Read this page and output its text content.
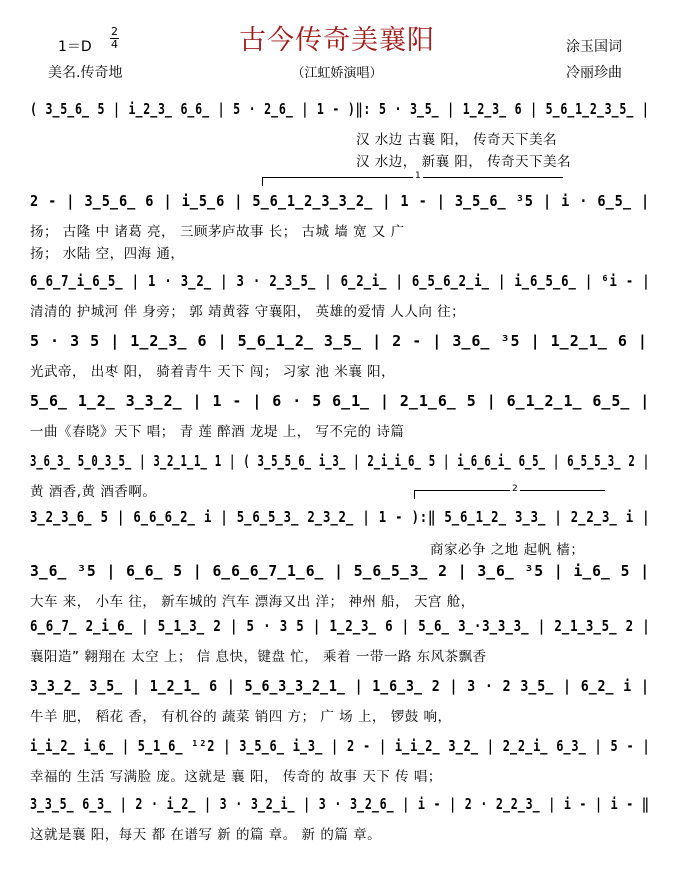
古今传奇美襄阳
1＝D
2
4
美名.传奇地	（江虹娇演唱）
涂玉国词
冷丽珍曲
( 3̲5̲6̲ 5 | i̲2̲3̲ 6̲6̲ | 5 · 2̲6̲ | 1 - )‖: 5 · 3̲5̲ | 1̲2̲3̲ 6 | 5̲6̲1̲2̲3̲5̲ |
汉 水边 古襄 阳， 传奇天下美名
汉 水边， 新襄 阳， 传奇天下美名
1
2 - | 3̲5̲6̲ 6 | i̲5̲6 | 5̲6̲1̲2̲3̲3̲2̲ | 1 - | 3̲5̲6̲ ³5 | i · 6̲5̲ |
扬； 古隆 中 诸葛 亮， 三顾茅庐故事 长； 古城 墙 宽 又 广
扬； 水陆 空，四海 通，
6̲6̲7̲i̲6̲5̲ | 1 · 3̲2̲ | 3 · 2̲3̲5̲ | 6̲2̲i̲ | 6̲5̲6̲2̲i̲ | i̲6̲5̲6̲ | ⁶i - |
清清的 护城河 伴 身旁； 郭 靖黄蓉 守襄阳， 英雄的爱情 人人向 往；
5 · 3 5 | 1̲2̲3̲ 6 | 5̲6̲1̲2̲ 3̲5̲ | 2 - | 3̲6̲ ³5 | 1̲2̲1̲ 6 |
光武帝， 出枣 阳， 骑着青牛 天下 闯； 习家 池 米襄 阳，
5̲6̲ 1̲2̲ 3̲3̲2̲ | 1 - | 6 · 5 6̲1̲ | 2̲1̲6̲ 5 | 6̲1̲2̲1̲ 6̲5̲ |
一曲《春晓》天下 唱； 青 莲 醉酒 龙堤 上， 写不完的 诗篇
3̲6̲3̲ 5̲0̲3̲5̲ | 3̲2̲1̲1̲ 1 | ( 3̲5̲5̲6̲ i̲3̲ | 2̲i̲i̲6̲ 5 | i̲6̲6̲i̲ 6̲5̲ | 6̲5̲5̲3̲ 2 |
黄 酒香,黄 酒香啊。	2
3̲2̲3̲6̲ 5 | 6̲6̲6̲2̲ i | 5̲6̲5̲3̲ 2̲3̲2̲ | 1 - ):‖ 5̲6̲1̲2̲ 3̲3̲ | 2̲2̲3̲ i |
商家必争 之地 起帆 樯；
3̲6̲ ³5 | 6̲6̲ 5 | 6̲6̲6̲7̲1̲6̲ | 5̲6̲5̲3̲ 2 | 3̲6̲ ³5 | i̲6̲ 5 |
大车 来， 小车 往， 新车城的 汽车 漂海又出 洋； 神州 船， 天宫 舱，
6̲6̲7̲ 2̲i̲6̲ | 5̲1̲3̲ 2 | 5 · 3 5 | 1̲2̲3̲ 6 | 5̲6̲ 3̲·3̲3̲3̲ | 2̲1̲3̲5̲ 2 |
襄阳造” 翱翔在 太空 上； 信 息快，键盘 忙， 乘着 一带一路 东风茶飘香
3̲3̲2̲ 3̲5̲ | 1̲2̲1̲ 6 | 5̲6̲3̲3̲2̲1̲ | 1̲6̲3̲ 2 | 3 · 2 3̲5̲ | 6̲2̲ i |
牛羊 肥， 稻花 香， 有机谷的 蔬菜 销四 方； 广 场 上， 锣鼓 响，
i̲i̲2̲ i̲6̲ | 5̲1̲6̲ ¹²2 | 3̲5̲6̲ i̲3̲ | 2 - | i̲i̲2̲ 3̲2̲ | 2̲2̲i̲ 6̲3̲ | 5 - |
幸福的 生活 写满脸 庞。这就是 襄 阳， 传奇的 故事 天下 传 唱；
3̲3̲5̲ 6̲3̲ | 2 · i̲2̲ | 3 · 3̲2̲i̲ | 3 · 3̲2̲6̲ | i - | 2 · 2̲2̲3̲ | i - | i - ‖
这就是襄 阳，每天 都 在谱写 新 的篇 章。 新 的篇 章。
